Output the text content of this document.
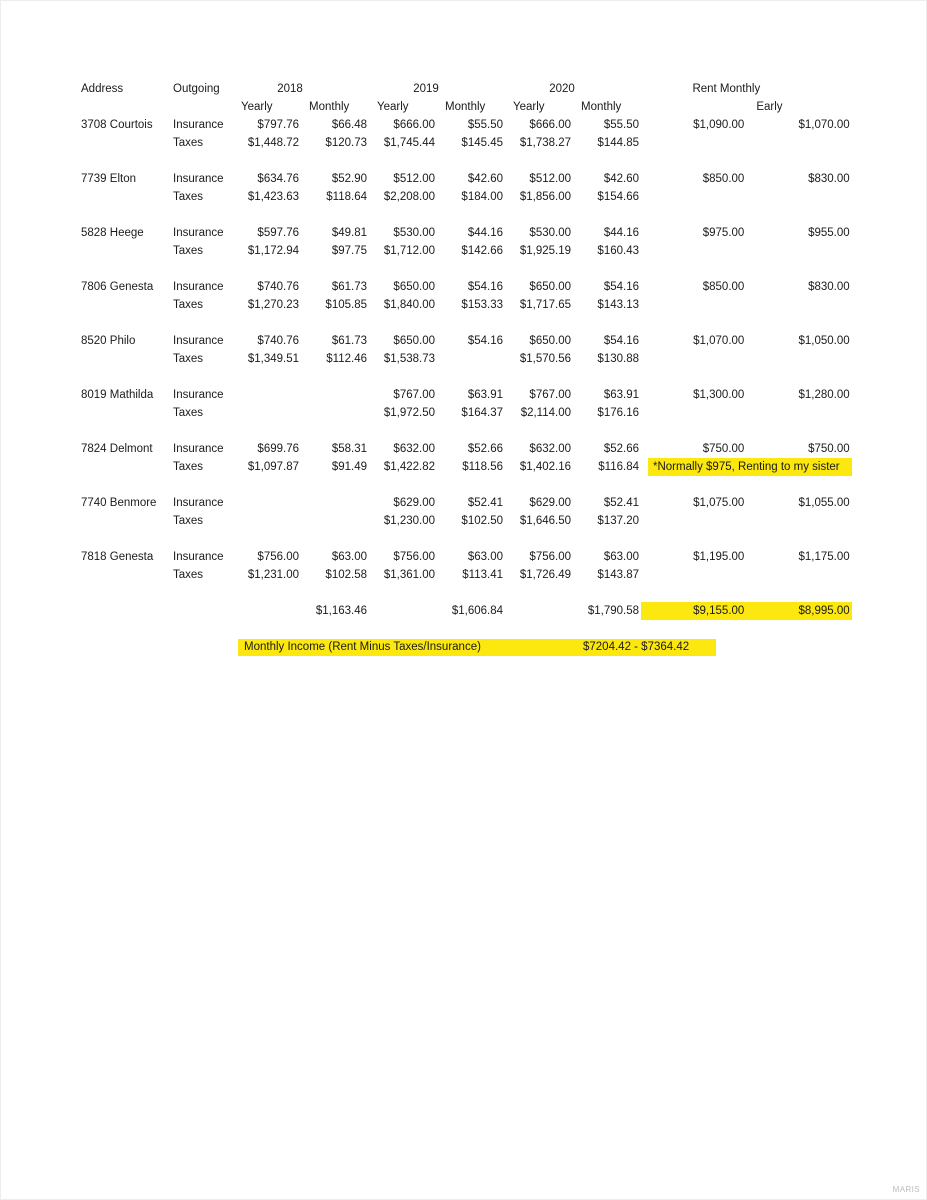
Address	Outgoing	2018		2019		2020		Rent Monthly	
		Yearly	Monthly	Yearly	Monthly	Yearly	Monthly		Early
3708 Courtois	Insurance	$797.76	$66.48	$666.00	$55.50	$666.00	$55.50	$1,090.00	$1,070.00
	Taxes	$1,448.72	$120.73	$1,745.44	$145.45	$1,738.27	$144.85		

7739 Elton	Insurance	$634.76	$52.90	$512.00	$42.60	$512.00	$42.60	$850.00	$830.00
	Taxes	$1,423.63	$118.64	$2,208.00	$184.00	$1,856.00	$154.66		

5828 Heege	Insurance	$597.76	$49.81	$530.00	$44.16	$530.00	$44.16	$975.00	$955.00
	Taxes	$1,172.94	$97.75	$1,712.00	$142.66	$1,925.19	$160.43		

7806 Genesta	Insurance	$740.76	$61.73	$650.00	$54.16	$650.00	$54.16	$850.00	$830.00
	Taxes	$1,270.23	$105.85	$1,840.00	$153.33	$1,717.65	$143.13		

8520 Philo	Insurance	$740.76	$61.73	$650.00	$54.16	$650.00	$54.16	$1,070.00	$1,050.00
	Taxes	$1,349.51	$112.46	$1,538.73		$1,570.56	$130.88		

8019 Mathilda	Insurance			$767.00	$63.91	$767.00	$63.91	$1,300.00	$1,280.00
	Taxes			$1,972.50	$164.37	$2,114.00	$176.16		

7824 Delmont	Insurance	$699.76	$58.31	$632.00	$52.66	$632.00	$52.66	$750.00	$750.00
	Taxes	$1,097.87	$91.49	$1,422.82	$118.56	$1,402.16	$116.84	*Normally $975, Renting to my sister	

7740 Benmore	Insurance			$629.00	$52.41	$629.00	$52.41	$1,075.00	$1,055.00
	Taxes			$1,230.00	$102.50	$1,646.50	$137.20		

7818 Genesta	Insurance	$756.00	$63.00	$756.00	$63.00	$756.00	$63.00	$1,195.00	$1,175.00
	Taxes	$1,231.00	$102.58	$1,361.00	$113.41	$1,726.49	$143.87		

			$1,163.46		$1,606.84		$1,790.58	$9,155.00	$8,995.00

		Monthly Income (Rent Minus Taxes/Insurance) $7204.42 - $7364.42							
MARIS
